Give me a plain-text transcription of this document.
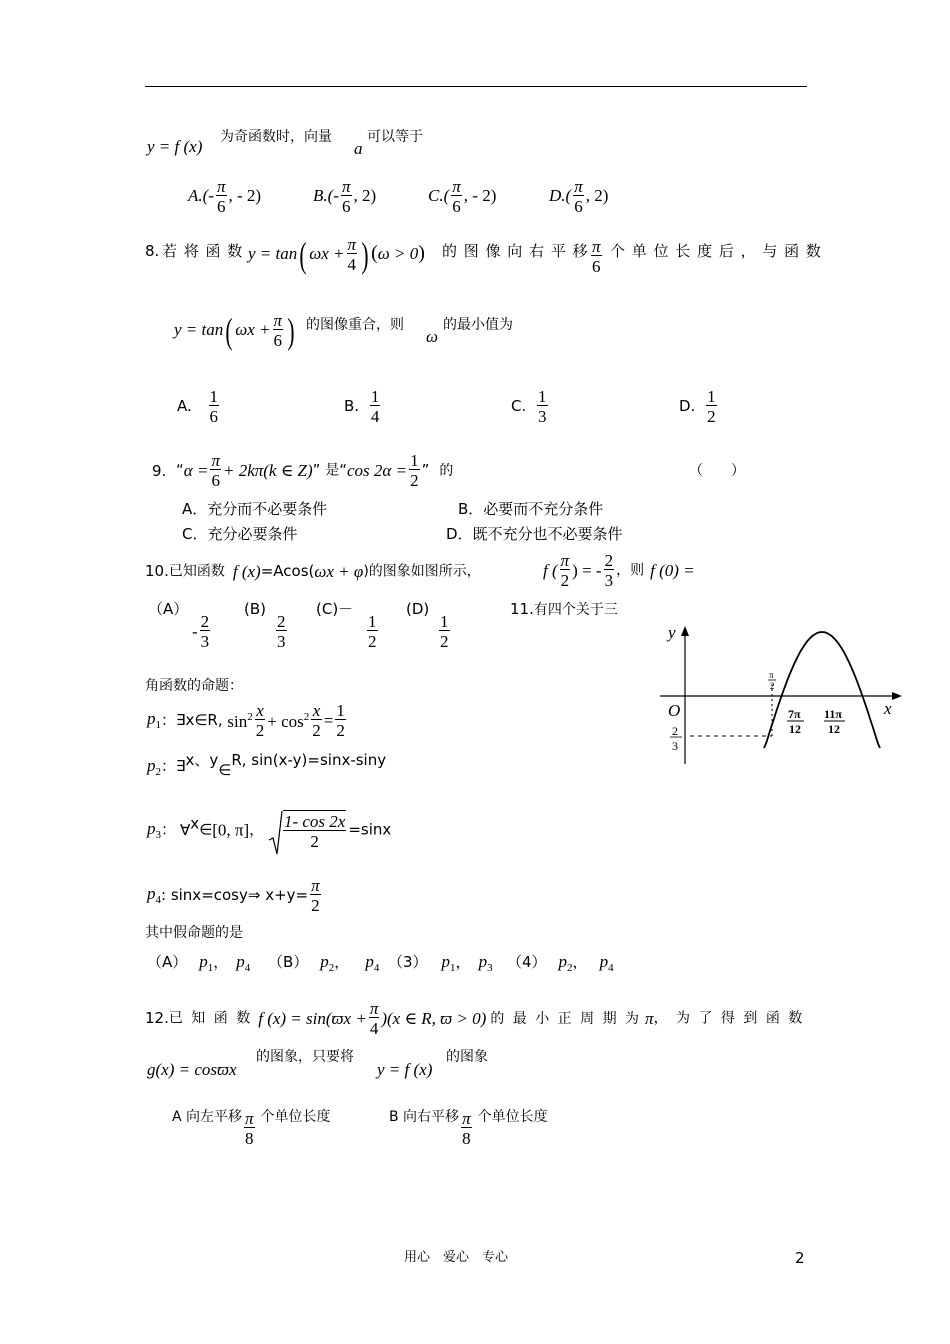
y = f (x) 为奇函数时，向量
a
可以等于
$A.(- \frac{\pi}{6}$ , - 2)	$B.(- \frac{\pi}{6}$ , 2)	$C.( \frac{\pi}{6}$ , - 2)	$D.( \frac{\pi}{6}$ , 2)
8. 若 将 函 数 y = tan( $\omega x + \frac{\pi}{4}$ ) (ω > 0) 的 图 像 向 右 平 移 $\frac{\pi}{6}$ 个 单 位 长 度 后 ， 与 函 数
y = tan( $\omega x + \frac{\pi}{6}$ ) 的图像重合，则
ω
的最小值为
A. $\frac{1}{6}$	B. $\frac{1}{4}$	C. $\frac{1}{3}$	D. $\frac{1}{2}$
9. “$\alpha = \frac{\pi}{6} + 2k\pi(k$ ∈ Z)” 是“cos $2\alpha = \frac{1}{2}$ ” 的	（　　）
A．充分而不必要条件	B．必要而不充分条件
C．充分必要条件	D．既不充分也不必要条件
10.已知函数 f (x)=Acos(ωx + φ)的图象如图所示，	f ( $\frac{\pi}{2}$ ) = - $\frac{2}{3}$ ，则 f (0) =
（A）
- $\frac{2}{3}$
(B)
$\frac{2}{3}$
(C)－
$\frac{1}{2}$
(D)
$\frac{1}{2}$
11.有四个关于三
角函数的命题：
y
x
O
π
2
7π
12
11π
12
2
3
$p_1$：∃x∈R, $\sin^2 \frac{x}{2} + \cos^2 \frac{x}{2} = \frac{1}{2}$
$p_2$：∃x、y∈R, sin(x-y)=sinx-siny
$p_3$： ∀x∈[0, π]， $\frac{1- \cos 2x}{2} =\sin x$
$p_4$: sinx=cosy⇒ $x+y= \frac{\pi}{2}$
其中假命题的是
（A） $p_1$， $p_4$ （B） $p_2$， $p_4$ （3） $p_1$， $p_3$ （4） $p_2$， $p_4$
12.已 知 函 数 f $(x) = \sin(ϖx + \frac{\pi}{4} )(x$ ∈ R, ϖ > 0) 的 最 小 正 周 期 为 π， 为 了 得 到 函 数
g(x) = cosϖx
的图象，只要将
y = f (x)
的图象
A 向左平移 $\frac{\pi}{8}$ 个单位长度	B 向右平移 $\frac{\pi}{8}$ 个单位长度
用心　爱心　专心	2
